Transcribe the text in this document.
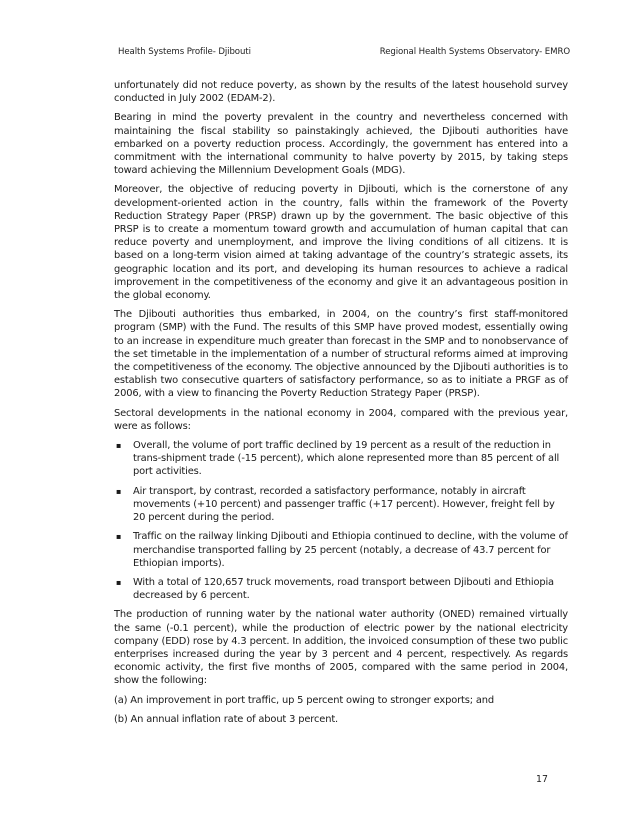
Health Systems Profile- Djibouti	Regional Health Systems Observatory- EMRO

unfortunately did not reduce poverty, as shown by the results of the latest household survey conducted in July 2002 (EDAM-2).

Bearing in mind the poverty prevalent in the country and nevertheless concerned with maintaining the fiscal stability so painstakingly achieved, the Djibouti authorities have embarked on a poverty reduction process. Accordingly, the government has entered into a commitment with the international community to halve poverty by 2015, by taking steps toward achieving the Millennium Development Goals (MDG).

Moreover, the objective of reducing poverty in Djibouti, which is the cornerstone of any development-oriented action in the country, falls within the framework of the Poverty Reduction Strategy Paper (PRSP) drawn up by the government. The basic objective of this PRSP is to create a momentum toward growth and accumulation of human capital that can reduce poverty and unemployment, and improve the living conditions of all citizens. It is based on a long-term vision aimed at taking advantage of the country’s strategic assets, its geographic location and its port, and developing its human resources to achieve a radical improvement in the competitiveness of the economy and give it an advantageous position in the global economy.

The Djibouti authorities thus embarked, in 2004, on the country’s first staff-monitored program (SMP) with the Fund. The results of this SMP have proved modest, essentially owing to an increase in expenditure much greater than forecast in the SMP and to nonobservance of the set timetable in the implementation of a number of structural reforms aimed at improving the competitiveness of the economy. The objective announced by the Djibouti authorities is to establish two consecutive quarters of satisfactory performance, so as to initiate a PRGF as of 2006, with a view to financing the Poverty Reduction Strategy Paper (PRSP).

Sectoral developments in the national economy in 2004, compared with the previous year, were as follows:

▪ Overall, the volume of port traffic declined by 19 percent as a result of the reduction in trans-shipment trade (-15 percent), which alone represented more than 85 percent of all port activities.
▪ Air transport, by contrast, recorded a satisfactory performance, notably in aircraft movements (+10 percent) and passenger traffic (+17 percent). However, freight fell by 20 percent during the period.
▪ Traffic on the railway linking Djibouti and Ethiopia continued to decline, with the volume of merchandise transported falling by 25 percent (notably, a decrease of 43.7 percent for Ethiopian imports).
▪ With a total of 120,657 truck movements, road transport between Djibouti and Ethiopia decreased by 6 percent.

The production of running water by the national water authority (ONED) remained virtually the same (-0.1 percent), while the production of electric power by the national electricity company (EDD) rose by 4.3 percent. In addition, the invoiced consumption of these two public enterprises increased during the year by 3 percent and 4 percent, respectively. As regards economic activity, the first five months of 2005, compared with the same period in 2004, show the following:

(a) An improvement in port traffic, up 5 percent owing to stronger exports; and

(b) An annual inflation rate of about 3 percent.

17
